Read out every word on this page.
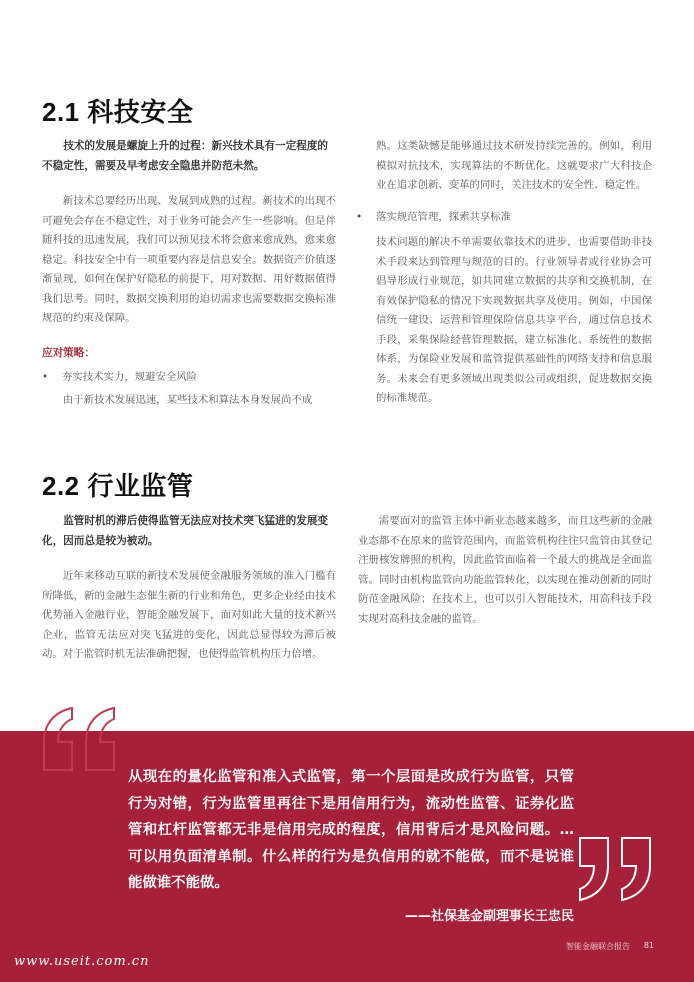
2.1 科技安全

技术的发展是螺旋上升的过程：新兴技术具有一定程度的不稳定性，需要及早考虑安全隐患并防范未然。

新技术总要经历出现、发展到成熟的过程。新技术的出现不可避免会存在不稳定性，对于业务可能会产生一些影响。但是伴随科技的迅速发展，我们可以预见技术将会愈来愈成熟，愈来愈稳定。科技安全中有一项重要内容是信息安全。数据资产价值逐渐显现，如何在保护好隐私的前提下，用对数据、用好数据值得我们思考。同时，数据交换利用的迫切需求也需要数据交换标准规范的约束及保障。

应对策略：
• 夯实技术实力，规避安全风险

由于新技术发展迅速，某些技术和算法本身发展尚不成

熟。这类缺憾是能够通过技术研发持续完善的。例如，利用模拟对抗技术，实现算法的不断优化。这就要求广大科技企业在追求创新、变革的同时，关注技术的安全性、稳定性。

• 落实规范管理，探索共享标准

技术问题的解决不单需要依靠技术的进步，也需要借助非技术手段来达到管理与规范的目的。行业领导者或行业协会可倡导形成行业规范，如共同建立数据的共享和交换机制，在有效保护隐私的情况下实现数据共享及使用。例如，中国保信统一建设、运营和管理保险信息共享平台，通过信息技术手段，采集保险经营管理数据，建立标准化、系统性的数据体系，为保险业发展和监管提供基础性的网络支持和信息服务。未来会有更多领域出现类似公司或组织，促进数据交换的标准规范。

2.2 行业监管

监管时机的滞后使得监管无法应对技术突飞猛进的发展变化，因而总是较为被动。

近年来移动互联的新技术发展使金融服务领域的准入门槛有所降低，新的金融生态催生新的行业和角色，更多企业经由技术优势涌入金融行业，智能金融发展下，面对如此大量的技术新兴企业，监管无法应对突飞猛进的变化，因此总显得较为滞后被动。对于监管时机无法准确把握，也使得监管机构压力倍增。

需要面对的监管主体中新业态越来越多，而且这些新的金融业态都不在原来的监管范围内，而监管机构往往只监管由其登记注册核发牌照的机构，因此监管面临着一个最大的挑战是全面监管。同时由机构监管向功能监管转化，以实现在推动创新的同时防范金融风险；在技术上，也可以引入智能技术，用高科技手段实现对高科技金融的监管。

从现在的量化监管和准入式监管，第一个层面是改成行为监管，只管行为对错，行为监管里再往下是用信用行为，流动性监管、证券化监管和杠杆监管都无非是信用完成的程度，信用背后才是风险问题。…可以用负面清单制。什么样的行为是负信用的就不能做，而不是说谁能做谁不能做。
——社保基金副理事长王忠民
智能金融联合报告 81
www.useit.com.cn
